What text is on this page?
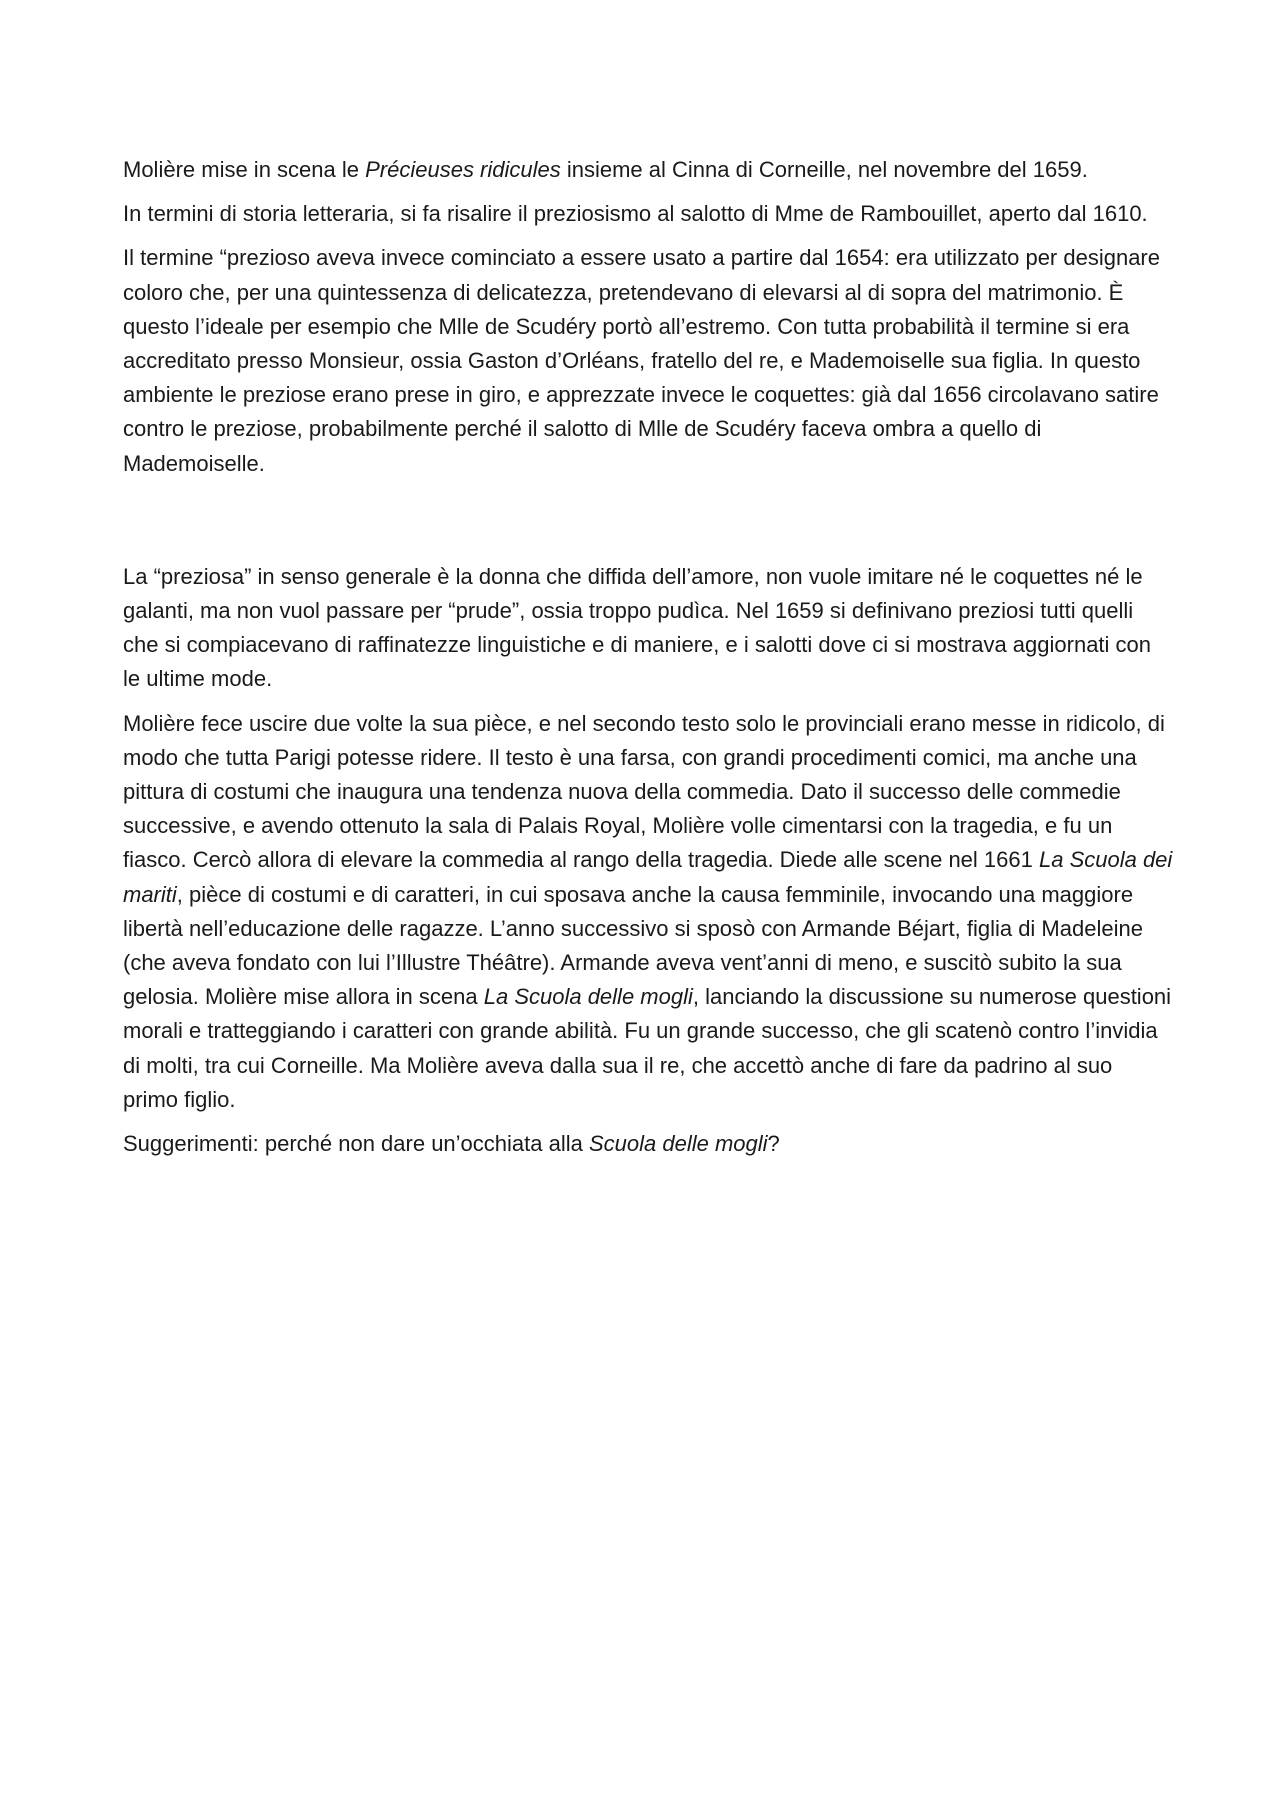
Molière mise in scena le Précieuses ridicules insieme al Cinna di Corneille, nel novembre del 1659.

In termini di storia letteraria, si fa risalire il preziosismo al salotto di Mme de Rambouillet, aperto dal 1610.

Il termine “prezioso aveva invece cominciato a essere usato a partire dal 1654: era utilizzato per designare coloro che, per una quintessenza di delicatezza, pretendevano di elevarsi al di sopra del matrimonio. È questo l’ideale per esempio che Mlle de Scudéry portò all’estremo. Con tutta probabilità il termine si era accreditato presso Monsieur, ossia Gaston d’Orléans, fratello del re, e Mademoiselle sua figlia. In questo ambiente le preziose erano prese in giro, e apprezzate invece le coquettes: già dal 1656 circolavano satire contro le preziose, probabilmente perché il salotto di Mlle de Scudéry faceva ombra a quello di Mademoiselle.

La “preziosa” in senso generale è la donna che diffida dell’amore, non vuole imitare né le coquettes né le galanti, ma non vuol passare per “prude”, ossia troppo pudìca. Nel 1659 si definivano preziosi tutti quelli che si compiacevano di raffinatezze linguistiche e di maniere, e i salotti dove ci si mostrava aggiornati con le ultime mode.

Molière fece uscire due volte la sua pièce, e nel secondo testo solo le provinciali erano messe in ridicolo, di modo che tutta Parigi potesse ridere. Il testo è una farsa, con grandi procedimenti comici, ma anche una pittura di costumi che inaugura una tendenza nuova della commedia. Dato il successo delle commedie successive, e avendo ottenuto la sala di Palais Royal, Molière volle cimentarsi con la tragedia, e fu un fiasco. Cercò allora di elevare la commedia al rango della tragedia. Diede alle scene nel 1661 La Scuola dei mariti, pièce di costumi e di caratteri, in cui sposava anche la causa femminile, invocando una maggiore libertà nell’educazione delle ragazze. L’anno successivo si sposò con Armande Béjart, figlia di Madeleine (che aveva fondato con lui l’Illustre Théâtre). Armande aveva vent’anni di meno, e suscitò subito la sua gelosia. Molière mise allora in scena La Scuola delle mogli, lanciando la discussione su numerose questioni morali e tratteggiando i caratteri con grande abilità. Fu un grande successo, che gli scatenò contro l’invidia di molti, tra cui Corneille. Ma Molière aveva dalla sua il re, che accettò anche di fare da padrino al suo primo figlio.

Suggerimenti: perché non dare un’occhiata alla Scuola delle mogli?
